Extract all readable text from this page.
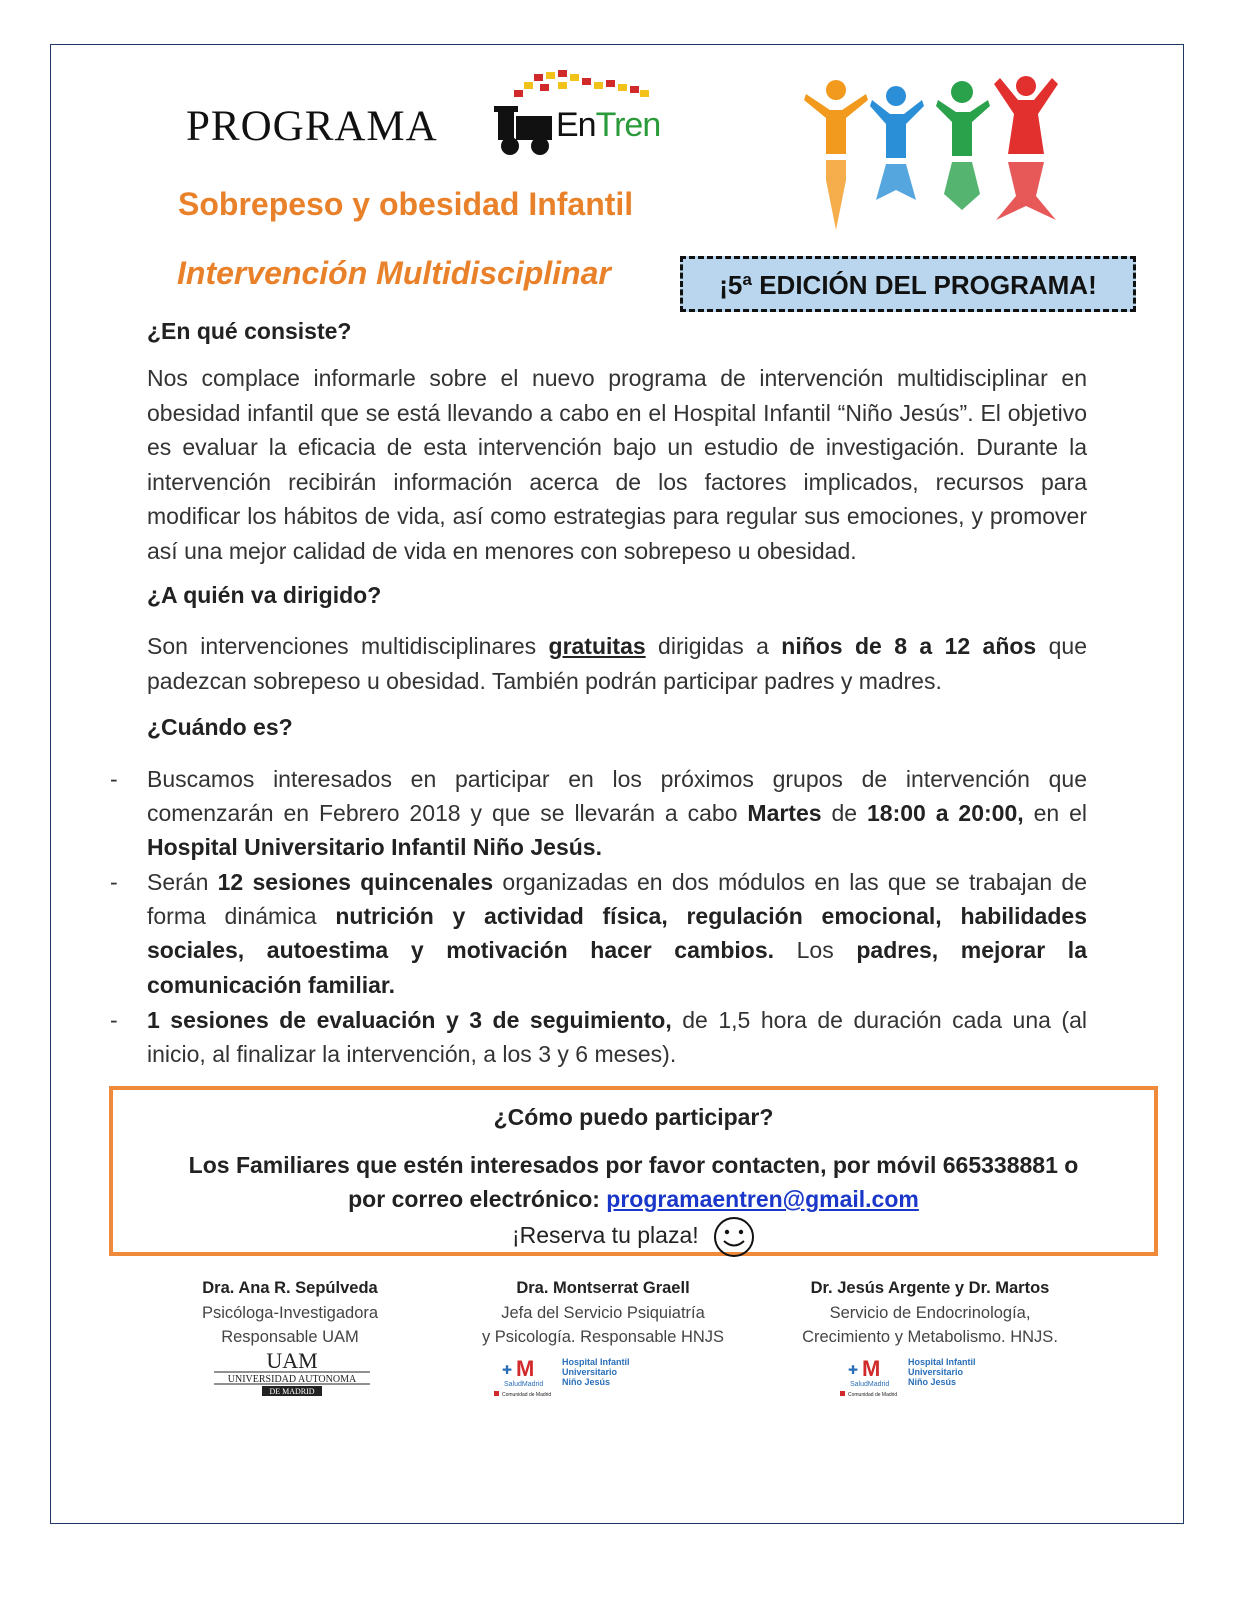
PROGRAMA	EnTren
Sobrepeso y obesidad Infantil
Intervención Multidisciplinar	¡5ª EDICIÓN DEL PROGRAMA!
¿En qué consiste?
Nos complace informarle sobre el nuevo programa de intervención multidisciplinar en obesidad infantil que se está llevando a cabo en el Hospital Infantil “Niño Jesús”. El objetivo es evaluar la eficacia de esta intervención bajo un estudio de investigación. Durante la intervención recibirán información acerca de los factores implicados, recursos para modificar los hábitos de vida, así como estrategias para regular sus emociones, y promover así una mejor calidad de vida en menores con sobrepeso u obesidad.
¿A quién va dirigido?
Son intervenciones multidisciplinares gratuitas dirigidas a niños de 8 a 12 años que padezcan sobrepeso u obesidad. También podrán participar padres y madres.
¿Cuándo es?
- Buscamos interesados en participar en los próximos grupos de intervención que comenzarán en Febrero 2018 y que se llevarán a cabo Martes de 18:00 a 20:00, en el Hospital Universitario Infantil Niño Jesús.
- Serán 12 sesiones quincenales organizadas en dos módulos en las que se trabajan de forma dinámica nutrición y actividad física, regulación emocional, habilidades sociales, autoestima y motivación hacer cambios. Los padres, mejorar la comunicación familiar.
- 1 sesiones de evaluación y 3 de seguimiento, de 1,5 hora de duración cada una (al inicio, al finalizar la intervención, a los 3 y 6 meses).
¿Cómo puedo participar?
Los Familiares que estén interesados por favor contacten, por móvil 665338881 o
por correo electrónico: programaentren@gmail.com
¡Reserva tu plaza!
Dra. Ana R. Sepúlveda
Psicóloga-Investigadora
Responsable UAM
Dra. Montserrat Graell
Jefa del Servicio Psiquiatría
y Psicología. Responsable HNJS
Dr. Jesús Argente y Dr. Martos
Servicio de Endocrinología,
Crecimiento y Metabolismo. HNJS.
UAM
UNIVERSIDAD AUTONOMA
DE MADRID
✚ M
SaludMadrid
Hospital Infantil
Universitario
Niño Jesús
Comunidad de Madrid
✚ M
SaludMadrid
Hospital Infantil
Universitario
Niño Jesús
Comunidad de Madrid
